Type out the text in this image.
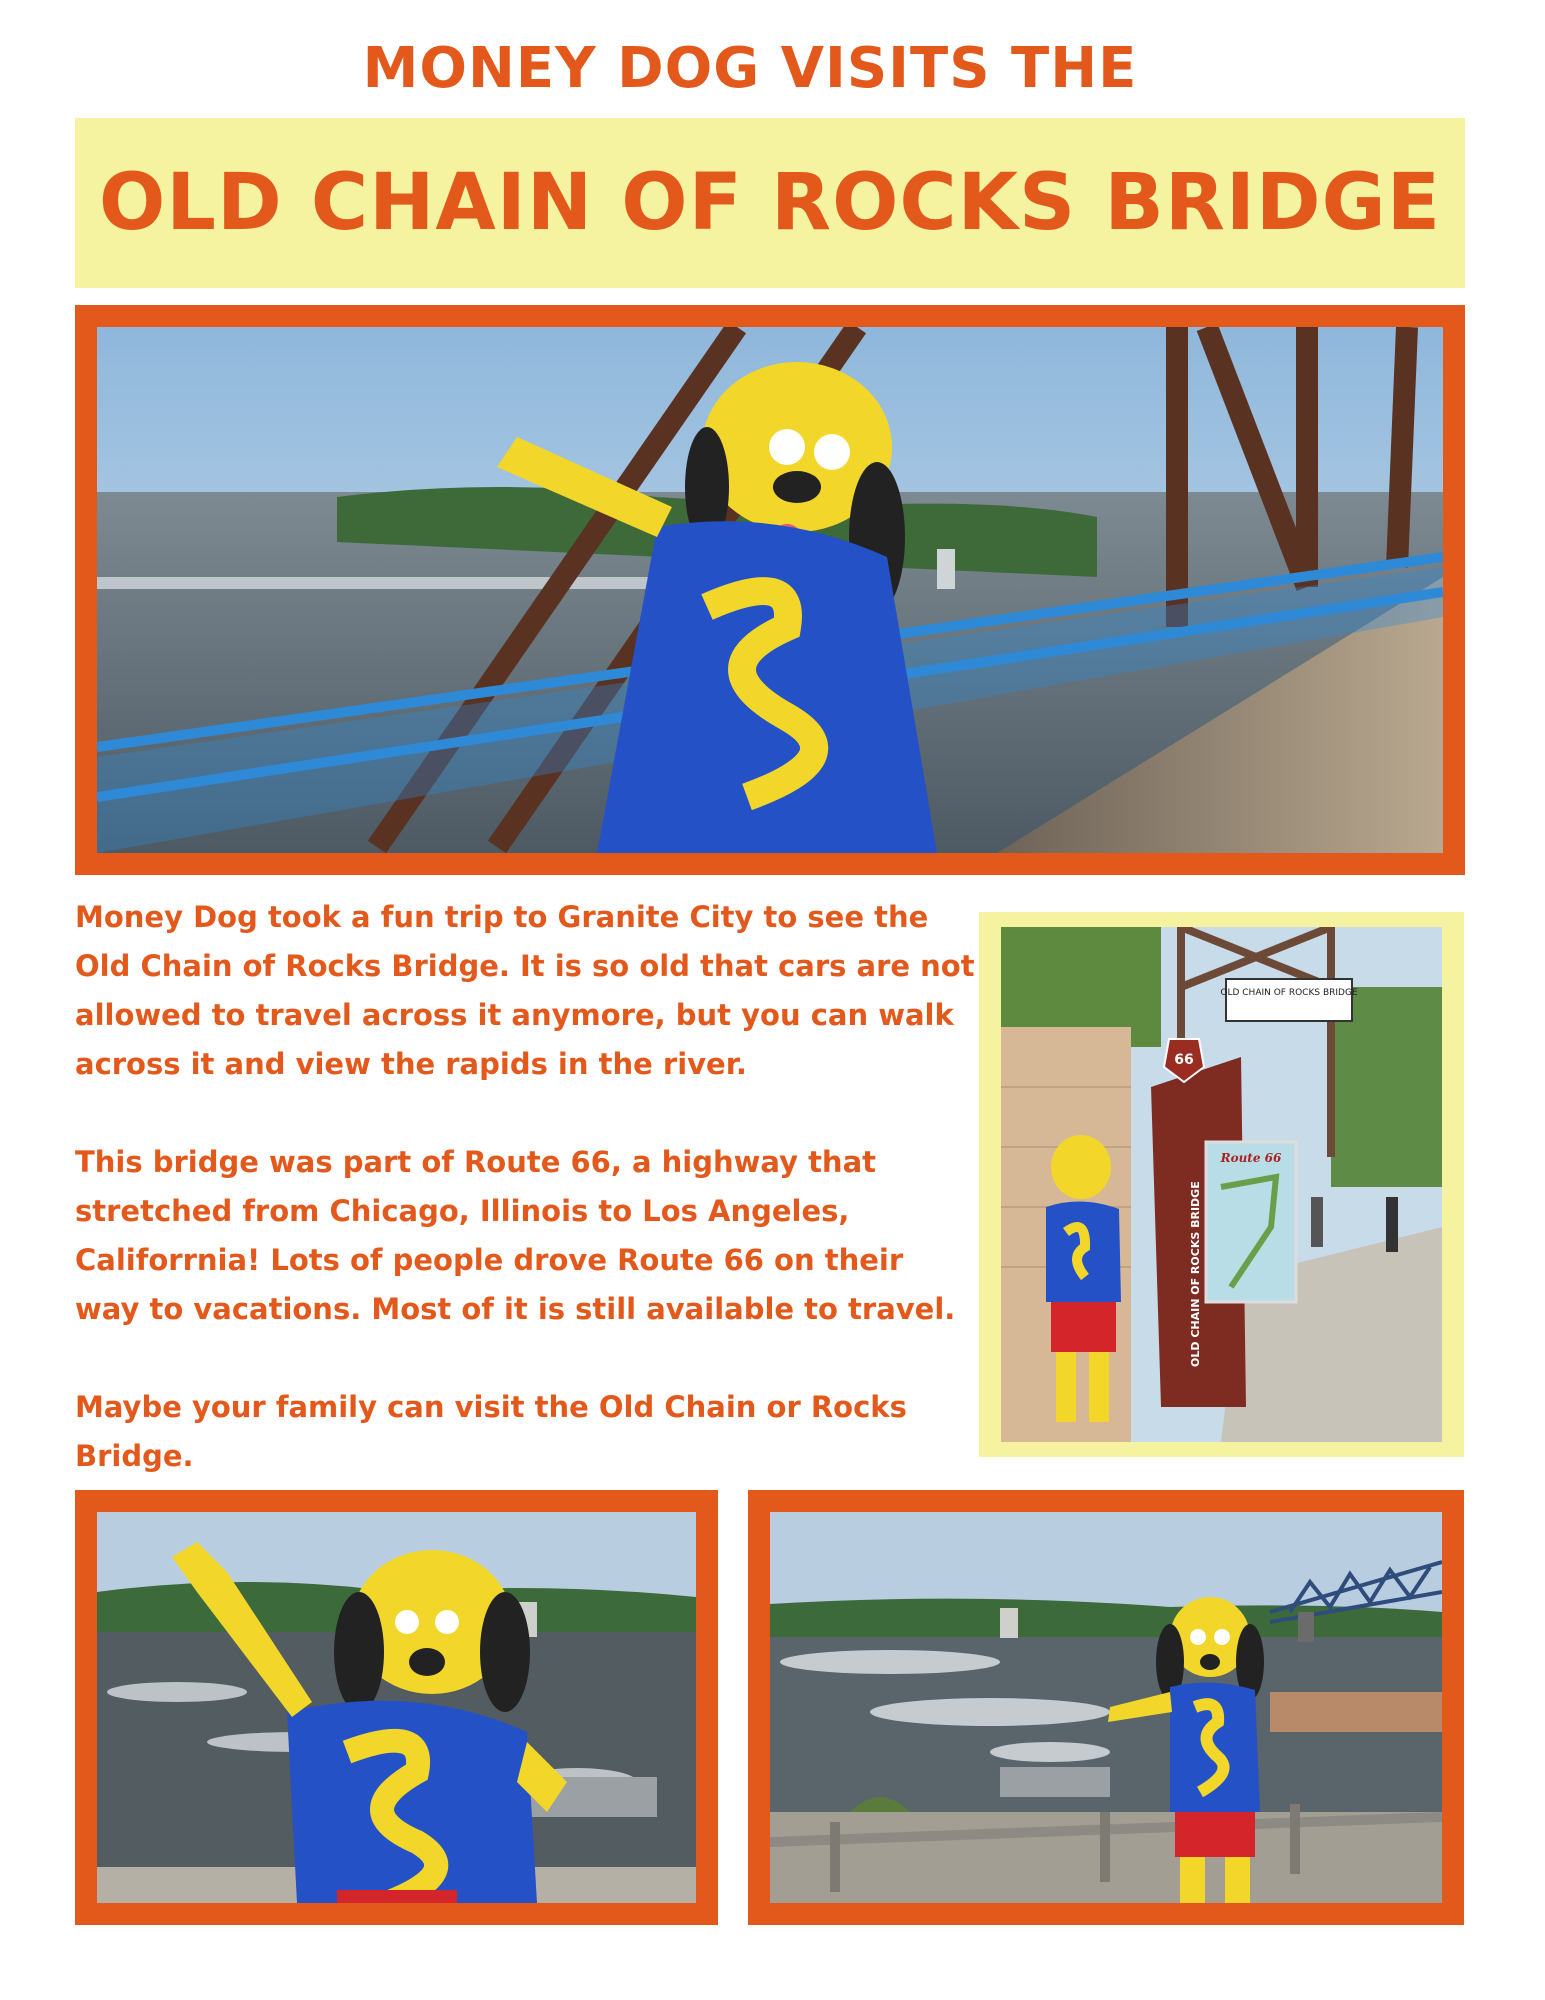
MONEY DOG VISITS THE
OLD CHAIN OF ROCKS BRIDGE

Money Dog took a fun trip to Granite City to see the Old Chain of Rocks Bridge. It is so old that cars are not allowed to travel across it anymore, but you can walk across it and view the rapids in the river.

This bridge was part of Route 66, a highway that stretched from Chicago, Illinois to Los Angeles, Califorrnia! Lots of people drove Route 66 on their way to vacations. Most of it is still available to travel.

Maybe your family can visit the Old Chain or Rocks Bridge.

OLD CHAIN OF ROCKS BRIDGE
66
OLD CHAIN OF ROCKS BRIDGE
Route 66
